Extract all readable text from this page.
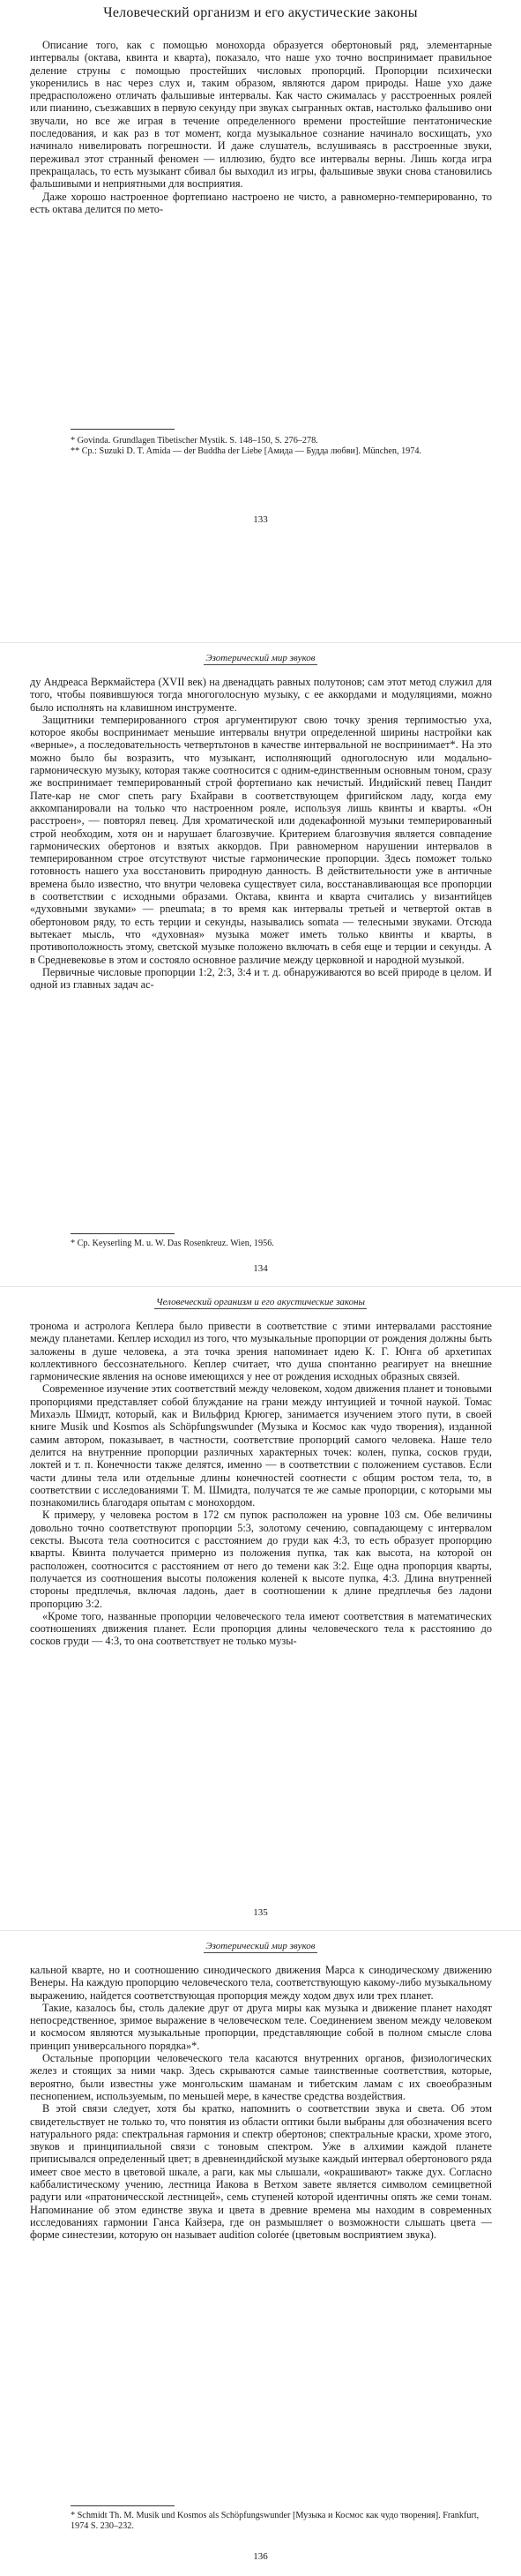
Человеческий организм и его акустические законы

Описание того, как с помощью монохорда образуется обертоновый ряд, элементарные интервалы (октава, квинта и кварта), показало, что наше ухо точно воспринимает правильное деление струны с помощью простейших числовых пропорций. Пропорции психически укоренились в нас через слух и, таким образом, являются даром природы. Наше ухо даже предрасположено отличать фальшивые интервалы. Как часто сжималась у расстроенных роялей или пианино, съезжавших в первую секунду при звуках сыгранных октав, настолько фальшиво они звучали, но все же играя в течение определенного времени простейшие пентатонические последования, и как раз в тот момент, когда музыкальное сознание начинало восхищать, ухо начинало нивелировать погрешности. И даже слушатель, вслушиваясь в расстроенные звуки, переживал этот странный феномен — иллюзию, будто все интервалы верны. Лишь когда игра прекращалась, то есть музыкант сбивал бы выходил из игры, фальшивые звуки снова становились фальшивыми и неприятными для восприятия.

Даже хорошо настроенное фортепиано настроено не чисто, а равномерно-темперированно, то есть октава делится по мето-

* Govinda. Grundlagen Tibetischer Mystik. S. 148–150, S. 276–278.

** Ср.: Suzuki D. T. Amida — der Buddha der Liebe [Амида — Будда любви]. München, 1974.

133
Эзотерический мир звуков

ду Андреаса Веркмайстера (XVII век) на двенадцать равных полутонов; сам этот метод служил для того, чтобы появившуюся тогда многоголосную музыку, с ее аккордами и модуляциями, можно было исполнять на клавишном инструменте.

Защитники темперированного строя аргументируют свою точку зрения терпимостью уха, которое якобы воспринимает меньшие интервалы внутри определенной ширины настройки как «верные», а последовательность четвертьтонов в качестве интервальной не воспринимает*. На это можно было бы возразить, что музыкант, исполняющий одноголосную или модально-гармоническую музыку, которая также соотносится с одним-единственным основным тоном, сразу же воспринимает темперированный строй фортепиано как нечистый. Индийский певец Пандит Пате-кар не смог спеть рагу Бхайрави в соответствующем фригийском ладу, когда ему аккомпанировали на только что настроенном рояле, используя лишь квинты и кварты. «Он расстроен», — повторял певец. Для хроматической или додекафонной музыки темперированный строй необходим, хотя он и нарушает благозвучие. Критерием благозвучия является совпадение гармонических обертонов и взятых аккордов. При равномерном нарушении интервалов в темперированном строе отсутствуют чистые гармонические пропорции. Здесь поможет только готовность нашего уха восстановить природную данность. В действительности уже в античные времена было известно, что внутри человека существует сила, восстанавливающая все пропорции в соответствии с исходными образами. Октава, квинта и кварта считались у византийцев «духовными звуками» — pneumata; в то время как интервалы третьей и четвертой октав в обертоновом ряду, то есть терции и секунды, назывались somata — телесными звуками. Отсюда вытекает мысль, что «духовная» музыка может иметь только квинты и кварты, в противоположность этому, светской музыке положено включать в себя еще и терции и секунды. А в Средневековье в этом и состояло основное различие между церковной и народной музыкой.

Первичные числовые пропорции 1:2, 2:3, 3:4 и т. д. обнаруживаются во всей природе в целом. И одной из главных задач ас-

* Ср. Keyserling M. u. W. Das Rosenkreuz. Wien, 1956.

134
Человеческий организм и его акустические законы

тронома и астролога Кеплера было привести в соответствие с этими интервалами расстояние между планетами. Кеплер исходил из того, что музыкальные пропорции от рождения должны быть заложены в душе человека, а эта точка зрения напоминает идею К. Г. Юнга об архетипах коллективного бессознательного. Кеплер считает, что душа спонтанно реагирует на внешние гармонические явления на основе имеющихся у нее от рождения исходных образных связей.

Современное изучение этих соответствий между человеком, ходом движения планет и тоновыми пропорциями представляет собой блуждание на грани между интуицией и точной наукой. Томас Михаэль Шмидт, который, как и Вильфрид Крюгер, занимается изучением этого пути, в своей книге Musik und Kosmos als Schöpfungswunder (Музыка и Космос как чудо творения), изданной самим автором, показывает, в частности, соответствие пропорций самого человека. Наше тело делится на внутренние пропорции различных характерных точек: колен, пупка, сосков груди, локтей и т. п. Конечности также делятся, именно — в соответствии с положением суставов. Если части длины тела или отдельные длины конечностей соотнести с общим ростом тела, то, в соответствии с исследованиями Т. М. Шмидта, получатся те же самые пропорции, с которыми мы познакомились благодаря опытам с монохордом.

К примеру, у человека ростом в 172 см пупок расположен на уровне 103 см. Обе величины довольно точно соответствуют пропорции 5:3, золотому сечению, совпадающему с интервалом сексты. Высота тела соотносится с расстоянием до груди как 4:3, то есть образует пропорцию кварты. Квинта получается примерно из положения пупка, так как высота, на которой он расположен, соотносится с расстоянием от него до темени как 3:2. Еще одна пропорция кварты, получается из соотношения высоты положения коленей к высоте пупка, 4:3. Длина внутренней стороны предплечья, включая ладонь, дает в соотношении к длине предплечья без ладони пропорцию 3:2.

«Кроме того, названные пропорции человеческого тела имеют соответствия в математических соотношениях движения планет. Если пропорция длины человеческого тела к расстоянию до сосков груди — 4:3, то она соответствует не только музы-

135
Эзотерический мир звуков

кальной кварте, но и соотношению синодического движения Марса к синодическому движению Венеры. На каждую пропорцию человеческого тела, соответствующую какому-либо музыкальному выражению, найдется соответствующая пропорция между ходом двух или трех планет.

Такие, казалось бы, столь далекие друг от друга миры как музыка и движение планет находят непосредственное, зримое выражение в человеческом теле. Соединением звеном между человеком и космосом являются музыкальные пропорции, представляющие собой в полном смысле слова принцип универсального порядка»*.

Остальные пропорции человеческого тела касаются внутренних органов, физиологических желез и стоящих за ними чакр. Здесь скрываются самые таинственные соответствия, которые, вероятно, были известны уже монгольским шаманам и тибетским ламам с их своеобразным песнопением, используемым, по меньшей мере, в качестве средства воздействия.

В этой связи следует, хотя бы кратко, напомнить о соответствии звука и света. Об этом свидетельствует не только то, что понятия из области оптики были выбраны для обозначения всего натурального ряда: спектральная гармония и спектр обертонов; спектральные краски, хроме этого, звуков и принципиальной связи с тоновым спектром. Уже в алхимии каждой планете приписывался определенный цвет; в древнеиндийской музыке каждый интервал обертонового ряда имеет свое место в цветовой шкале, а раги, как мы слышали, «окрашивают» также дух. Согласно каббалистическому учению, лестница Иакова в Ветхом завете является символом семицветной радуги или «пратоничесской лестницей», семь ступеней которой идентичны опять же семи тонам. Напоминание об этом единстве звука и цвета в древние времена мы находим в современных исследованиях гармонии Ганса Кайзера, где он размышляет о возможности слышать цвета — форме синестезии, которую он называет audition colorée (цветовым восприятием звука).

* Schmidt Th. M. Musik und Kosmos als Schöpfungswunder [Музыка и Космос как чудо творения]. Frankfurt, 1974 S. 230–232.

136
